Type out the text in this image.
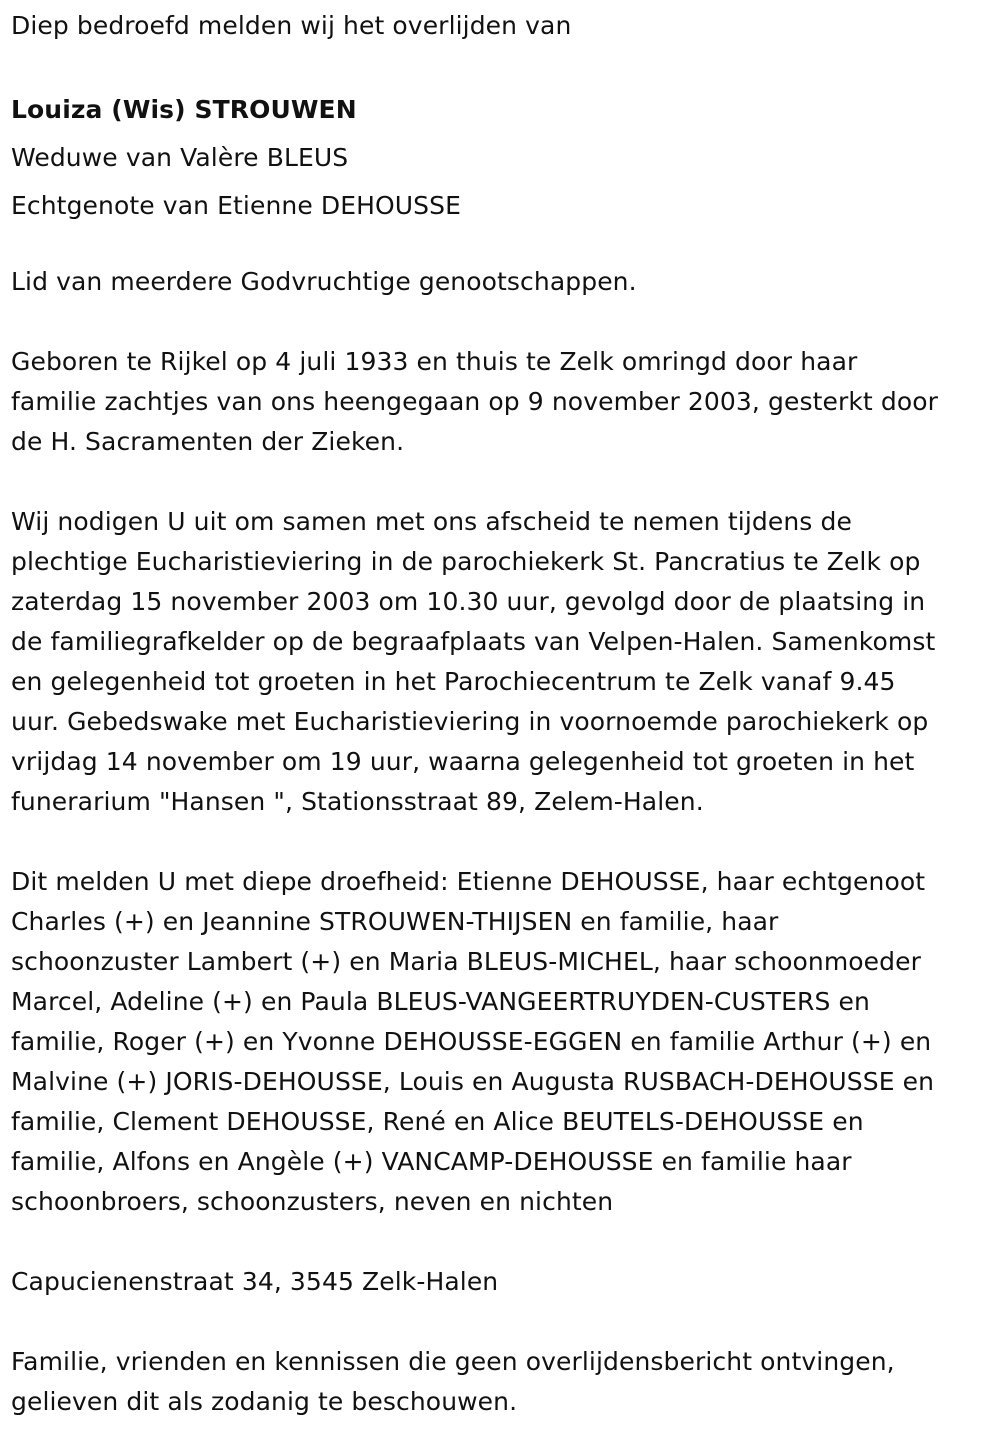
Diep bedroefd melden wij het overlijden van

Louiza (Wis) STROUWEN

Weduwe van Valère BLEUS

Echtgenote van Etienne DEHOUSSE

Lid van meerdere Godvruchtige genootschappen.

Geboren te Rijkel op 4 juli 1933 en thuis te Zelk omringd door haar

familie zachtjes van ons heengegaan op 9 november 2003, gesterkt door

de H. Sacramenten der Zieken.

Wij nodigen U uit om samen met ons afscheid te nemen tijdens de

plechtige Eucharistieviering in de parochiekerk St. Pancratius te Zelk op

zaterdag 15 november 2003 om 10.30 uur, gevolgd door de plaatsing in

de familiegrafkelder op de begraafplaats van Velpen-Halen. Samenkomst

en gelegenheid tot groeten in het Parochiecentrum te Zelk vanaf 9.45

uur. Gebedswake met Eucharistieviering in voornoemde parochiekerk op

vrijdag 14 november om 19 uur, waarna gelegenheid tot groeten in het

funerarium "Hansen ", Stationsstraat 89, Zelem-Halen.

Dit melden U met diepe droefheid: Etienne DEHOUSSE, haar echtgenoot

Charles (+) en Jeannine STROUWEN-THIJSEN en familie, haar

schoonzuster Lambert (+) en Maria BLEUS-MICHEL, haar schoonmoeder

Marcel, Adeline (+) en Paula BLEUS-VANGEERTRUYDEN-CUSTERS en

familie, Roger (+) en Yvonne DEHOUSSE-EGGEN en familie Arthur (+) en

Malvine (+) JORIS-DEHOUSSE, Louis en Augusta RUSBACH-DEHOUSSE en

familie, Clement DEHOUSSE, René en Alice BEUTELS-DEHOUSSE en

familie, Alfons en Angèle (+) VANCAMP-DEHOUSSE en familie haar

schoonbroers, schoonzusters, neven en nichten

Capucienenstraat 34, 3545 Zelk-Halen

Familie, vrienden en kennissen die geen overlijdensbericht ontvingen,

gelieven dit als zodanig te beschouwen.
